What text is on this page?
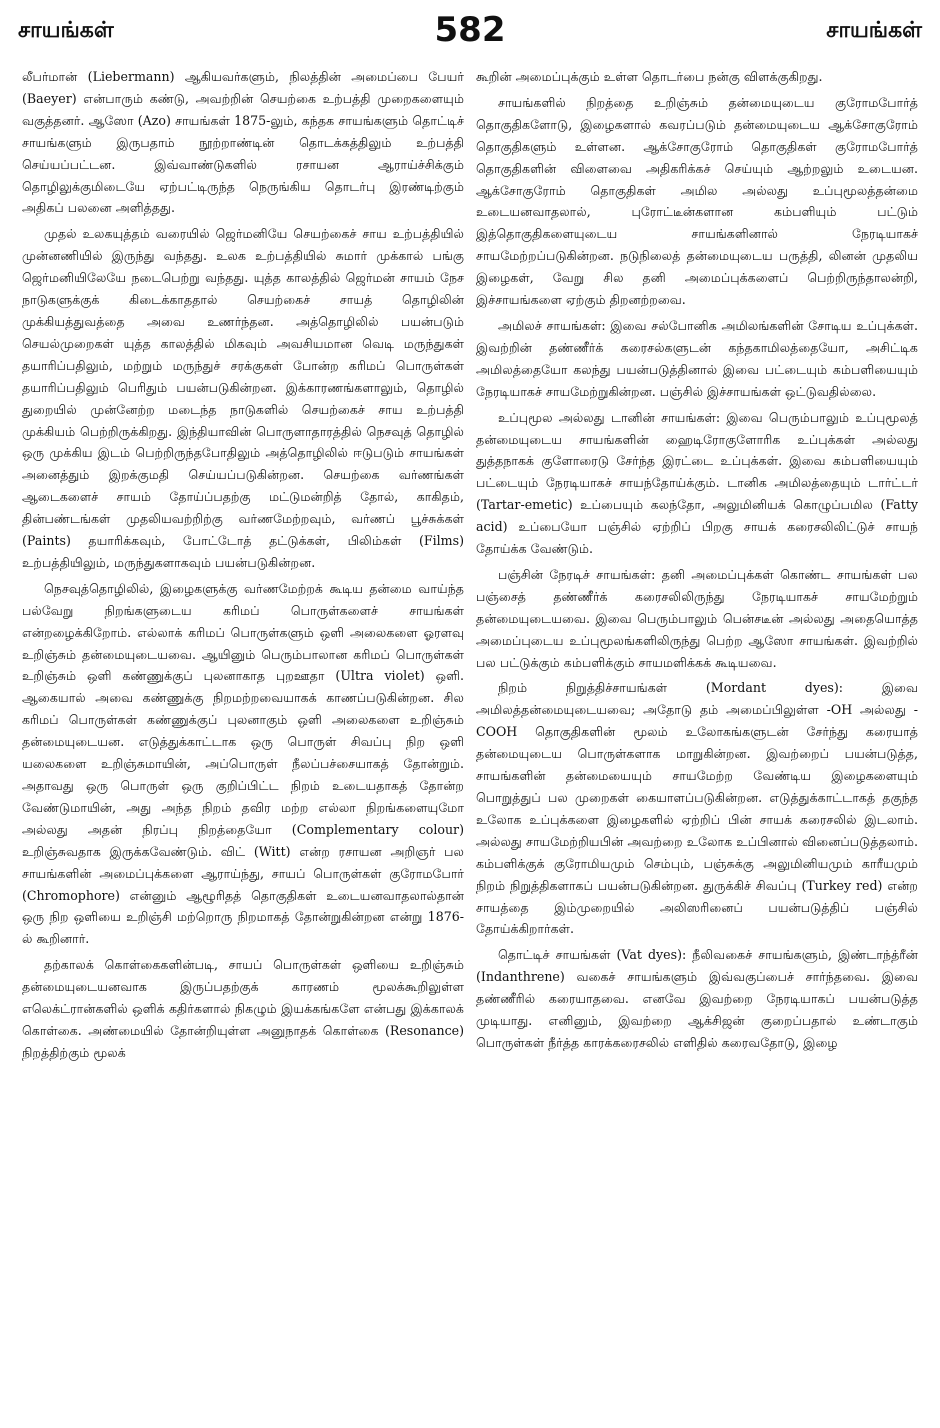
சாயங்கள்	582	சாயங்கள்

லீபர்மான் (Liebermann) ஆகியவர்களும், நிலத்தின் அமைப்பை பேயர் (Baeyer) என்பாரும் கண்டு, அவற்றின் செயற்கை உற்பத்தி முறைகளையும் வகுத்தனர். ஆஸோ (Azo) சாயங்கள் 1875-லும், கந்தக சாயங்களும் தொட்டிச் சாயங்களும் இருபதாம் நூற்றாண்டின் தொடக்கத்திலும் உற்பத்தி செய்யப்பட்டன. இவ்வாண்டுகளில் ரசாயன ஆராய்ச்சிக்கும் தொழிலுக்குமிடையே ஏற்பட்டிருந்த நெருங்கிய தொடர்பு இரண்டிற்கும் அதிகப் பலனை அளித்தது.

முதல் உலகயுத்தம் வரையில் ஜெர்மனியே செயற்கைச் சாய உற்பத்தியில் முன்னணியில் இருந்து வந்தது. உலக உற்பத்தியில் சுமார் முக்கால் பங்கு ஜெர்மனியிலேயே நடைபெற்று வந்தது. யுத்த காலத்தில் ஜெர்மன் சாயம் நேச நாடுகளுக்குக் கிடைக்காததால் செயற்கைச் சாயத் தொழிலின் முக்கியத்துவத்தை அவை உணர்ந்தன. அத்தொழிலில் பயன்படும் செயல்முறைகள் யுத்த காலத்தில் மிகவும் அவசியமான வெடி மருந்துகள் தயாரிப்பதிலும், மற்றும் மருந்துச் சரக்குகள் போன்ற கரிமப் பொருள்கள் தயாரிப்பதிலும் பெரிதும் பயன்படுகின்றன. இக்காரணங்களாலும், தொழில் துறையில் முன்னேற்ற மடைந்த நாடுகளில் செயற்கைச் சாய உற்பத்தி முக்கியம் பெற்றிருக்கிறது. இந்தியாவின் பொருளாதாரத்தில் நெசவுத் தொழில் ஒரு முக்கிய இடம் பெற்றிருந்தபோதிலும் அத்தொழிலில் ஈடுபடும் சாயங்கள் அனைத்தும் இறக்குமதி செய்யப்படுகின்றன. செயற்கை வர்ணங்கள் ஆடைகளைச் சாயம் தோய்ப்பதற்கு மட்டுமன்றித் தோல், காகிதம், தின்பண்டங்கள் முதலியவற்றிற்கு வர்ணமேற்றவும், வர்ணப் பூச்சுக்கள் (Paints) தயாரிக்கவும், போட்டோத் தட்டுக்கள், பிலிம்கள் (Films) உற்பத்தியிலும், மருந்துகளாகவும் பயன்படுகின்றன.

நெசவுத்தொழிலில், இழைகளுக்கு வர்ணமேற்றக் கூடிய தன்மை வாய்ந்த பல்வேறு நிறங்களுடைய கரிமப் பொருள்களைச் சாயங்கள் என்றழைக்கிறோம். எல்லாக் கரிமப் பொருள்களும் ஒளி அலைகளை ஓரளவு உறிஞ்சும் தன்மையுடையவை. ஆயினும் பெரும்பாலான கரிமப் பொருள்கள் உறிஞ்சும் ஒளி கண்ணுக்குப் புலனாகாத புறஊதா (Ultra violet) ஒளி. ஆகையால் அவை கண்ணுக்கு நிறமற்றவையாகக் காணப்படுகின்றன. சில கரிமப் பொருள்கள் கண்ணுக்குப் புலனாகும் ஒளி அலைகளை உறிஞ்சும் தன்மையுடையன. எடுத்துக்காட்டாக ஒரு பொருள் சிவப்பு நிற ஒளி யலைகளை உறிஞ்சுமாயின், அப்பொருள் நீலப்பச்சையாகத் தோன்றும். அதாவது ஒரு பொருள் ஒரு குறிப்பிட்ட நிறம் உடையதாகத் தோன்ற வேண்டுமாயின், அது அந்த நிறம் தவிர மற்ற எல்லா நிறங்களையுமோ அல்லது அதன் நிரப்பு நிறத்தையோ (Complementary colour) உறிஞ்சுவதாக இருக்கவேண்டும். விட் (Witt) என்ற ரசாயன அறிஞர் பல சாயங்களின் அமைப்புக்களை ஆராய்ந்து, சாயப் பொருள்கள் குரோமபோர் (Chromophore) என்னும் ஆழூரிதத் தொகுதிகள் உடையனவாதலால்தான் ஒரு நிற ஒளியை உறிஞ்சி மற்றொரு நிறமாகத் தோன்றுகின்றன என்று 1876-ல் கூறினார்.

தற்காலக் கொள்கைகளின்படி, சாயப் பொருள்கள் ஒளியை உறிஞ்சும் தன்மையுடையனவாக இருப்பதற்குக் காரணம் மூலக்கூறிலுள்ள எலெக்ட்ரான்களில் ஒளிக் கதிர்களால் நிகழும் இயக்கங்களே என்பது இக்காலக் கொள்கை. அண்மையில் தோன்றியுள்ள அனுநாதக் கொள்கை (Resonance) நிறத்திற்கும் மூலக்

கூறின் அமைப்புக்கும் உள்ள தொடர்பை நன்கு விளக்குகிறது.

சாயங்களில் நிறத்தை உறிஞ்சும் தன்மையுடைய குரோமபோர்த் தொகுதிகளோடு, இழைகளால் கவரப்படும் தன்மையுடைய ஆக்சோகுரோம் தொகுதிகளும் உள்ளன. ஆக்சோகுரோம் தொகுதிகள் குரோமபோர்த் தொகுதிகளின் விளைவை அதிகரிக்கச் செய்யும் ஆற்றலும் உடையன. ஆக்சோகுரோம் தொகுதிகள் அமில அல்லது உப்புமூலத்தன்மை உடையனவாதலால், புரோட்டீன்களான கம்பளியும் பட்டும் இத்தொகுதிகளையுடைய சாயங்களினால் நேரடியாகச் சாயமேற்றப்படுகின்றன. நடுநிலைத் தன்மையுடைய பருத்தி, லினன் முதலிய இழைகள், வேறு சில தனி அமைப்புக்களைப் பெற்றிருந்தாலன்றி, இச்சாயங்களை ஏற்கும் திறனற்றவை.

அமிலச் சாயங்கள்: இவை சல்போனிக அமிலங்களின் சோடிய உப்புக்கள். இவற்றின் தண்ணீர்க் கரைசல்களுடன் கந்தகாமிலத்தையோ, அசிட்டிக அமிலத்தையோ கலந்து பயன்படுத்தினால் இவை பட்டையும் கம்பளியையும் நேரடியாகச் சாயமேற்றுகின்றன. பஞ்சில் இச்சாயங்கள் ஒட்டுவதில்லை.

உப்புமூல அல்லது டானின் சாயங்கள்: இவை பெரும்பாலும் உப்புமூலத் தன்மையுடைய சாயங்களின் ஹைடிரோகுளோரிக உப்புக்கள் அல்லது துத்தநாகக் குளோரைடு சேர்ந்த இரட்டை உப்புக்கள். இவை கம்பளியையும் பட்டையும் நேரடியாகச் சாயந்தோய்க்கும். டானிக அமிலத்தையும் டார்ட்டர் (Tartar-emetic) உப்பையும் கலந்தோ, அலுமினியக் கொழுப்பமில (Fatty acid) உப்பையோ பஞ்சில் ஏற்றிப் பிறகு சாயக் கரைசலிலிட்டுச் சாயந் தோய்க்க வேண்டும்.

பஞ்சின் நேரடிச் சாயங்கள்: தனி அமைப்புக்கள் கொண்ட சாயங்கள் பல பஞ்சைத் தண்ணீர்க் கரைசலிலிருந்து நேரடியாகச் சாயமேற்றும் தன்மையுடையவை. இவை பெரும்பாலும் பென்சடீன் அல்லது அதையொத்த அமைப்புடைய உப்புமூலங்களிலிருந்து பெற்ற ஆஸோ சாயங்கள். இவற்றில் பல பட்டுக்கும் கம்பளிக்கும் சாயமளிக்கக் கூடியவை.

நிறம் நிறுத்திச்சாயங்கள் (Mordant dyes): இவை அமிலத்தன்மையுடையவை; அதோடு தம் அமைப்பிலுள்ள -OH அல்லது -COOH தொகுதிகளின் மூலம் உலோகங்களுடன் சேர்ந்து கரையாத் தன்மையுடைய பொருள்களாக மாறுகின்றன. இவற்றைப் பயன்படுத்த, சாயங்களின் தன்மையையும் சாயமேற்ற வேண்டிய இழைகளையும் பொறுத்துப் பல முறைகள் கையாளப்படுகின்றன. எடுத்துக்காட்டாகத் தகுந்த உலோக உப்புக்களை இழைகளில் ஏற்றிப் பின் சாயக் கரைசலில் இடலாம். அல்லது சாயமேற்றியபின் அவற்றை உலோக உப்பினால் வினைப்படுத்தலாம். கம்பளிக்குக் குரோமியமும் செம்பும், பஞ்சுக்கு அலுமினியமும் காரீயமும் நிறம் நிறுத்திகளாகப் பயன்படுகின்றன. துருக்கிச் சிவப்பு (Turkey red) என்ற சாயத்தை இம்முறையில் அலிஸரினைப் பயன்படுத்திப் பஞ்சில் தோய்க்கிறார்கள்.

தொட்டிச் சாயங்கள் (Vat dyes): நீலிவகைச் சாயங்களும், இண்டாந்த்ரீன் (Indanthrene) வகைச் சாயங்களும் இவ்வகுப்பைச் சார்ந்தவை. இவை தண்ணீரில் கரையாதவை. எனவே இவற்றை நேரடியாகப் பயன்படுத்த முடியாது. எனினும், இவற்றை ஆக்சிஜன் குறைப்பதால் உண்டாகும் பொருள்கள் நீர்த்த காரக்கரைசலில் எளிதில் கரைவதோடு, இழை
